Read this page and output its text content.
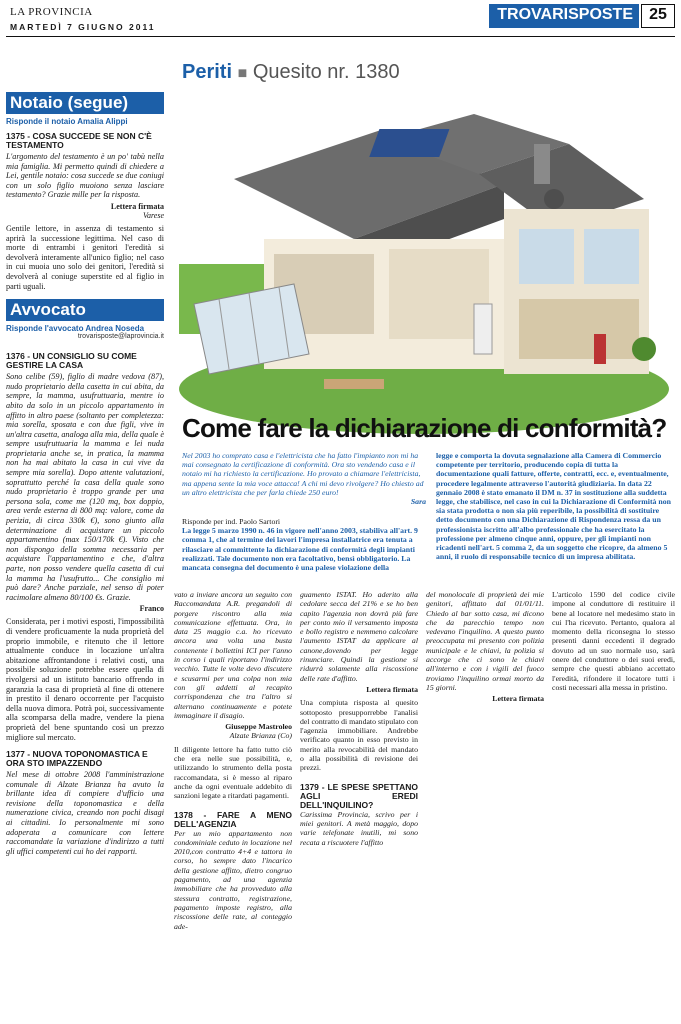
LA PROVINCIA
MARTEDÌ 7 GIUGNO 2011
TROVARISPOSTE	25
Notaio (segue)
Risponde il notaio Amalia Alippi
1375 - COSA SUCCEDE SE NON C'È TESTAMENTO
L'argomento del testamento è un po' tabù nella mia famiglia. Mi permetto quindi di chiedere a Lei, gentile notaio: cosa succede se due coniugi con un solo figlio muoiono senza lasciare testamento? Grazie mille per la risposta.
Lettera firmata
Varese
Gentile lettore, in assenza di testamento si aprirà la successione legittima. Nel caso di morte di entrambi i genitori l'eredità si devolverà interamente all'unico figlio; nel caso in cui muoia uno solo dei genitori, l'eredità si devolverà al coniuge superstite ed al figlio in parti uguali.
Avvocato
Risponde l'avvocato Andrea Noseda
trovarisposte@laprovincia.it
1376 - UN CONSIGLIO SU COME GESTIRE LA CASA
Sono celibe (59), figlio di madre vedova (87), nudo proprietario della casetta in cui abita, da sempre, la mamma, usufruttuaria, mentre io abito da solo in un piccolo appartamento in affitto in altro paese (soltanto per completezza: mia sorella, sposata e con due figli, vive in un'altra casetta, analoga alla mia, della quale è sempre usufruttuaria la mamma e lei nuda proprietaria anche se, in pratica, la mamma non ha mai abitato la casa in cui vive da sempre mia sorella). Dopo attente valutazioni, soprattutto perché la casa della quale sono nudo proprietario è troppo grande per una persona sola, come me (120 mq, box doppio, area verde esterna di 800 mq: valore, come da perizia, di circa 330k €), sono giunto alla determinazione di acquistare un piccolo appartamentino (max 150/170k €). Visto che non dispongo della somma necessaria per acquistare l'appartamentino e che, d'altra parte, non posso vendere quella casetta di cui la mamma ha l'usufrutto... Che consiglio mi può dare? Anche parziale, nel senso di poter racimolare almeno 80/100 €s. Grazie.
Franco
Considerata, per i motivi esposti, l'impossibilità di vendere proficuamente la nuda proprietà del proprio immobile, e ritenuto che il lettore attualmente conduce in locazione un'altra abitazione affrontandone i relativi costi, una possibile soluzione potrebbe essere quella di rivolgersi ad un istituto bancario offrendo in garanzia la casa di proprietà al fine di ottenere in prestito il denaro occorrente per l'acquisto della nuova dimora. Potrà poi, successivamente alla scomparsa della madre, vendere la piena proprietà del bene spuntando così un prezzo migliore sul mercato.
1377 - NUOVA TOPONOMASTICA E ORA STO IMPAZZENDO
Nel mese di ottobre 2008 l'amministrazione comunale di Alzate Brianza ha avuto la brillante idea di compiere d'ufficio una revisione della toponomastica e della numerazione civica, creando non pochi disagi ai cittadini. Io personalmente mi sono adoperata a comunicare con lettere raccomandate la variazione d'indirizzo a tutti gli uffici competenti cui ho dei rapporti.
Periti ■ Quesito nr. 1380
Come fare la dichiarazione di conformità?
Nel 2003 ho comprato casa e l'elettricista che ha fatto l'impianto non mi ha mai consegnato la certificazione di conformità. Ora sto vendendo casa e il notaio mi ha richiesto la certificazione. Ho provato a chiamare l'elettricista, ma appena sente la mia voce attacca! A chi mi devo rivolgere? Ho chiesto ad un altro elettricista che per farla chiede 250 euro!
Sara
Risponde per ind. Paolo Sartori
La legge 5 marzo 1990 n. 46 in vigore nell'anno 2003, stabiliva all'art. 9 comma 1, che al termine dei lavori l'impresa installatrice era tenuta a rilasciare al committente la dichiarazione di conformità degli impianti realizzati. Tale documento non era facoltativo, bensì obbligatorio. La mancata consegna del documento è una palese violazione della
legge e comporta la dovuta segnalazione alla Camera di Commercio competente per territorio, producendo copia di tutta la documentazione quali fatture, offerte, contratti, ecc. e, eventualmente, procedere legalmente attraverso l'autorità giudiziaria. In data 22 gennaio 2008 è stato emanato il DM n. 37 in sostituzione alla suddetta legge, che stabilisce, nel caso in cui la Dichiarazione di Conformità non sia stata prodotta o non sia più reperibile, la possibilità di sostituire detto documento con una Dichiarazione di Rispondenza ressa da un professionista iscritto all'albo professionale che ha esercitato la professione per almeno cinque anni, oppure, per gli impianti non ricadenti nell'art. 5 comma 2, da un soggetto che ricopre, da almeno 5 anni, il ruolo di responsabile tecnico di un impresa abilitata.
vato a inviare ancora un seguito con Raccomandata A.R. pregandoli di porgere riscontro alla mia comunicazione effettuata. Ora, in data 25 maggio c.a. ho ricevuto ancora una volta una busta contenente i bollettini ICI per l'anno in corso i quali riportano l'indirizzo vecchio. Tutte le volte devo discutere e scusarmi per una colpa non mia con gli addetti al recapito corrispondenza che tra l'altro si alternano continuamente e potete immaginare il disagio.
Giuseppe Mastroleo
Alzate Brianza (Co)
Il diligente lettore ha fatto tutto ciò che era nelle sue possibilità, e, utilizzando lo strumento della posta raccomandata, si è messo al riparo anche da ogni eventuale addebito di sanzioni legate a ritardati pagamenti.
1378 - FARE A MENO DELL'AGENZIA
Per un mio appartamento non condominiale ceduto in locazione nel 2010,con contratto 4+4 e tattora in corso, ho sempre dato l'incarico della gestione affitto, dietro congruo pagamento, ad una agenzia immobiliare che ha provveduto alla stessura contratto, registrazione, pagamento imposte registro, alla riscossione delle rate, al conteggio ade-
guamento ISTAT. Ho aderito alla cedolare secca del 21% e se ho ben capito l'agenzia non dovrà più fare per conto mio il versamento imposta e bollo registro e nemmeno calcolare l'aumento ISTAT da applicare al canone,dovendo per legge rinunciare. Quindi la gestione si ridurrà solamente alla riscossione delle rate d'affitto.
Lettera firmata
Una compiuta risposta al quesito sottoposto presupporrebbe l'analisi del contratto di mandato stipulato con l'agenzia immobiliare. Andrebbe verificato quanto in esso previsto in merito alla revocabilità del mandato o alla possibilità di revisione dei prezzi.
1379 - LE SPESE SPETTANO AGLI EREDI DELL'INQUILINO?
Carissima Provincia, scrivo per i miei genitori. A metà maggio, dopo varie telefonate inutili, mi sono recata a riscuotere l'affitto
del monolocale di proprietà dei mie genitori, affittato dal 01/01/11. Chiedo al bar sotto casa, mi dicono che da parecchio tempo non vedevano l'inquilino. A questo punto preoccupata mi presento con polizia municipale e le chiavi, la polizia si accorge che ci sono le chiavi all'interno e con i vigili del fuoco troviamo l'inquilino ormai morto da 15 giorni.
Lettera firmata
L'articolo 1590 del codice civile impone al conduttore di restituire il bene al locatore nel medesimo stato in cui l'ha ricevuto. Pertanto, qualora al momento della riconsegna lo stesso presenti danni eccedenti il degrado dovuto ad un suo normale uso, sarà onere del conduttore o dei suoi eredi, sempre che questi abbiano accettato l'eredità, rifondere il locatore tutti i costi necessari alla messa in pristino.
